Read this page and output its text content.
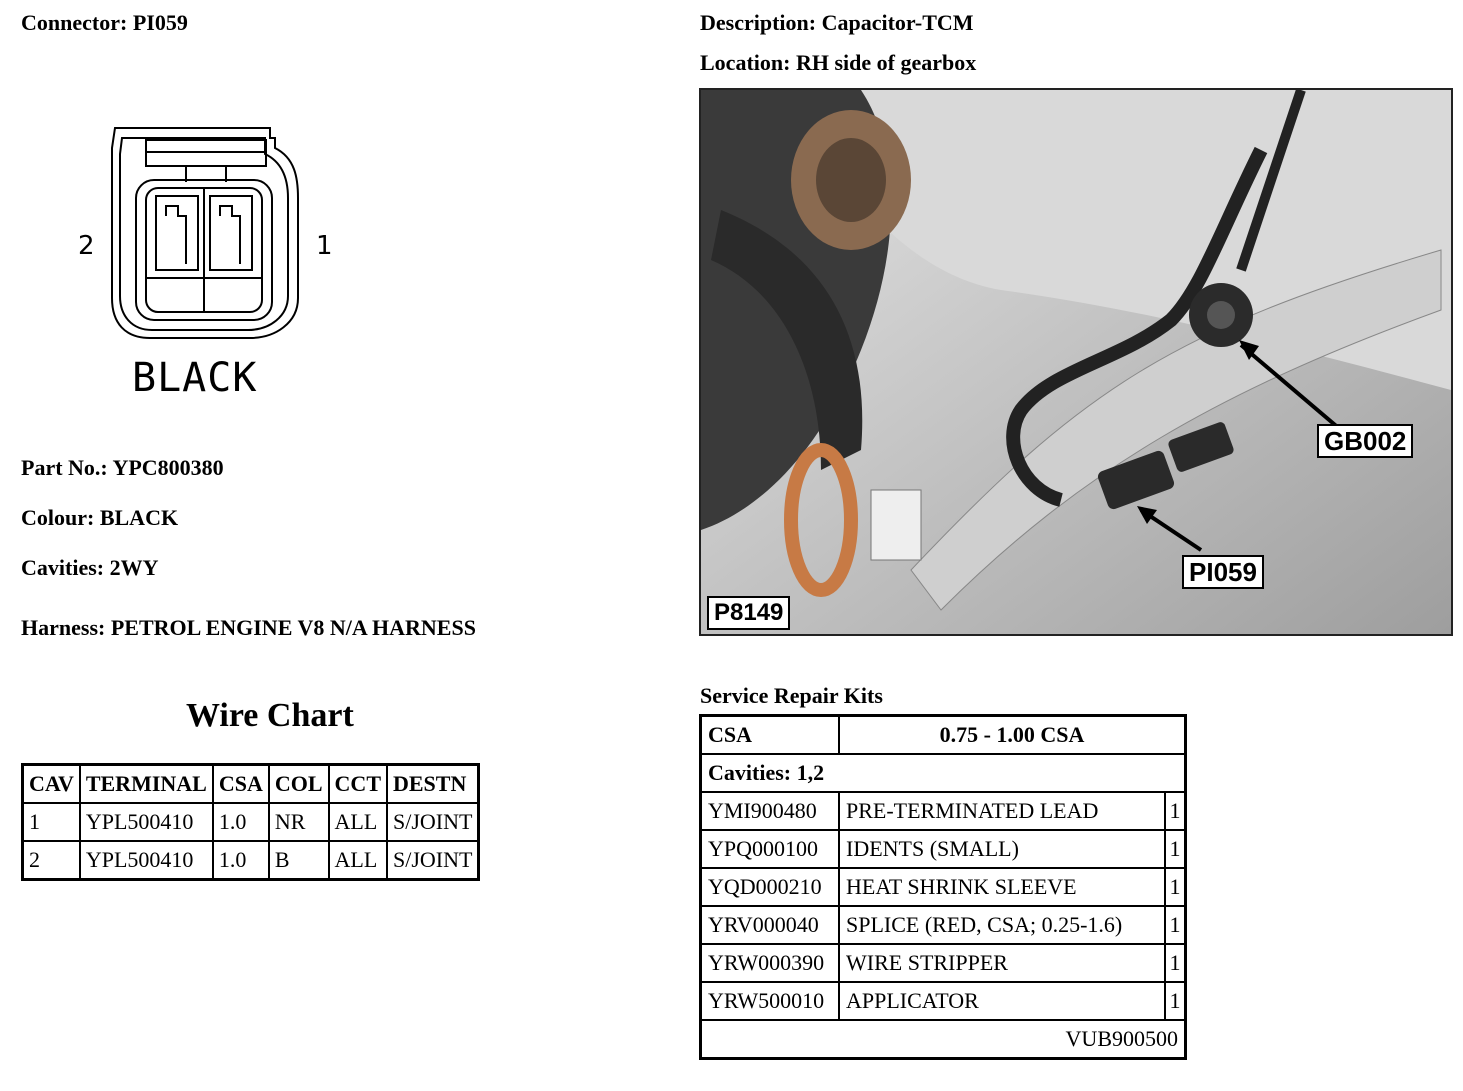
Connector: PI059	Description: Capacitor-TCM
Location: RH side of gearbox
2	1
BLACK
Part No.: YPC800380
Colour: BLACK
Cavities: 2WY
Harness: PETROL ENGINE V8 N/A HARNESS
Wire Chart
CAV	TERMINAL	CSA	COL	CCT	DESTN
1	YPL500410	1.0	NR	ALL	S/JOINT
2	YPL500410	1.0	B	ALL	S/JOINT
GB002
PI059
P8149
Service Repair Kits
CSA	0.75 - 1.00 CSA	
Cavities: 1,2		
YMI900480	PRE-TERMINATED LEAD	1
YPQ000100	IDENTS (SMALL)	1
YQD000210	HEAT SHRINK SLEEVE	1
YRV000040	SPLICE (RED, CSA; 0.25-1.6)	1
YRW000390	WIRE STRIPPER	1
YRW500010	APPLICATOR	1
VUB900500		
